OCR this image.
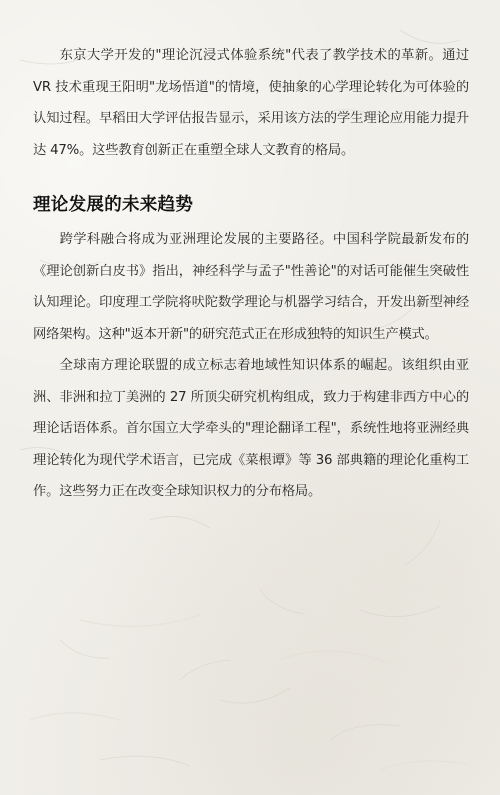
东京大学开发的"理论沉浸式体验系统"代表了教学技术的革新。通过 VR 技术重现王阳明"龙场悟道"的情境，使抽象的心学理论转化为可体验的认知过程。早稻田大学评估报告显示，采用该方法的学生理论应用能力提升达 47%。这些教育创新正在重塑全球人文教育的格局。

理论发展的未来趋势

跨学科融合将成为亚洲理论发展的主要路径。中国科学院最新发布的《理论创新白皮书》指出，神经科学与孟子"性善论"的对话可能催生突破性认知理论。印度理工学院将吠陀数学理论与机器学习结合，开发出新型神经网络架构。这种"返本开新"的研究范式正在形成独特的知识生产模式。

全球南方理论联盟的成立标志着地域性知识体系的崛起。该组织由亚洲、非洲和拉丁美洲的 27 所顶尖研究机构组成，致力于构建非西方中心的理论话语体系。首尔国立大学牵头的"理论翻译工程"，系统性地将亚洲经典理论转化为现代学术语言，已完成《菜根谭》等 36 部典籍的理论化重构工作。这些努力正在改变全球知识权力的分布格局。
